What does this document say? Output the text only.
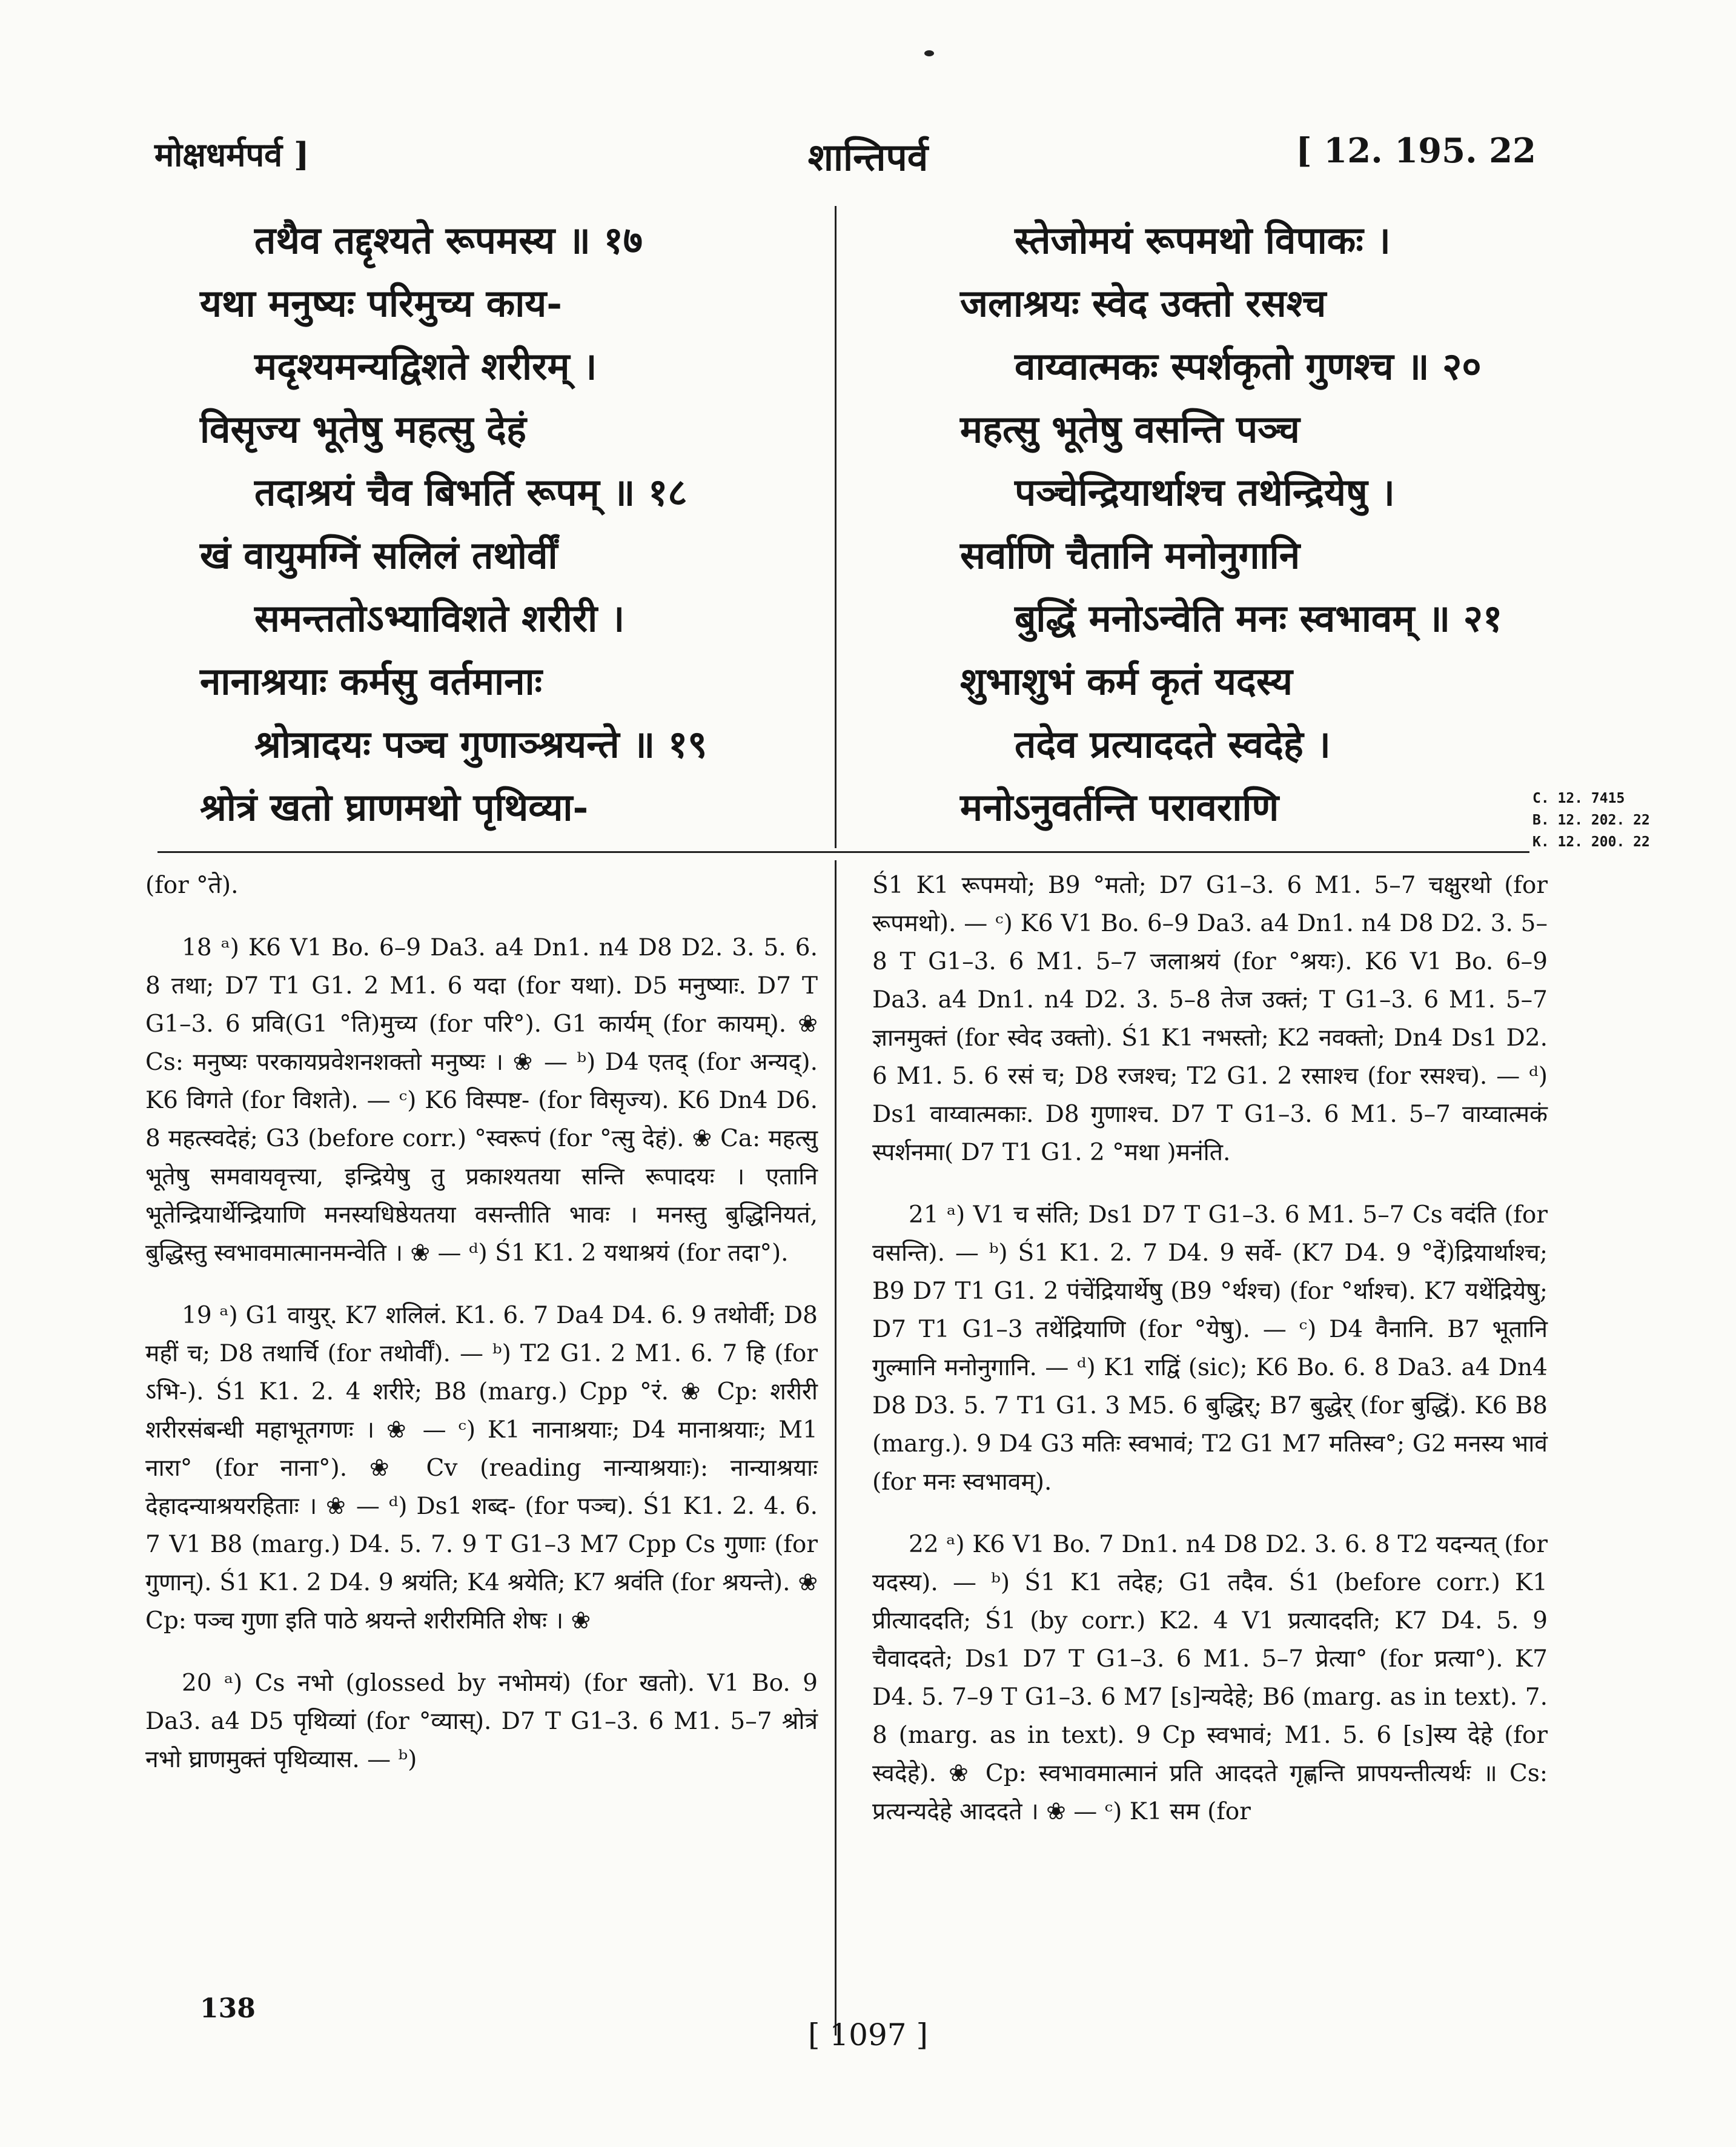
मोक्षधर्मपर्व ]	शान्तिपर्व	[ 12. 195. 22
तथैव तद्दृश्यते रूपमस्य ॥ १७
यथा मनुष्यः परिमुच्य काय-
मदृश्यमन्यद्विशते शरीरम् ।
विसृज्य भूतेषु महत्सु देहं
तदाश्रयं चैव बिभर्ति रूपम् ॥ १८
खं वायुमग्निं सलिलं तथोर्वीं
समन्ततोऽभ्याविशते शरीरी ।
नानाश्रयाः कर्मसु वर्तमानाः
श्रोत्रादयः पञ्च गुणाञ्श्रयन्ते ॥ १९
श्रोत्रं खतो घ्राणमथो पृथिव्या-
स्तेजोमयं रूपमथो विपाकः ।
जलाश्रयः स्वेद उक्तो रसश्च
वाय्वात्मकः स्पर्शकृतो गुणश्च ॥ २०
महत्सु भूतेषु वसन्ति पञ्च
पञ्चेन्द्रियार्थाश्च तथेन्द्रियेषु ।
सर्वाणि चैतानि मनोनुगानि
बुद्धिं मनोऽन्वेति मनः स्वभावम् ॥ २१
शुभाशुभं कर्म कृतं यदस्य
तदेव प्रत्याददते स्वदेहे ।
मनोऽनुवर्तन्ति परावराणि	C. 12. 7415
B. 12. 202. 22
K. 12. 200. 22

(for °ते).

18 ᵃ) K6 V1 Bo. 6–9 Da3. a4 Dn1. n4 D8 D2. 3. 5. 6. 8 तथा; D7 T1 G1. 2 M1. 6 यदा (for यथा). D5 मनुष्याः. D7 T G1–3. 6 प्रवि(G1 °ति)मुच्य (for परि°). G1 कार्यम् (for कायम्). ❀ Cs: मनुष्यः परकायप्रवेशनशक्तो मनुष्यः । ❀ — ᵇ) D4 एतद् (for अन्यद्). K6 विगते (for विशते). — ᶜ) K6 विस्पष्ट- (for विसृज्य). K6 Dn4 D6. 8 महत्स्वदेहं; G3 (before corr.) °स्वरूपं (for °त्सु देहं). ❀ Ca: महत्सु भूतेषु समवायवृत्त्या, इन्द्रियेषु तु प्रकाश्यतया सन्ति रूपादयः । एतानि भूतेन्द्रियार्थेन्द्रियाणि मनस्यधिष्ठेयतया वसन्तीति भावः । मनस्तु बुद्धिनियतं, बुद्धिस्तु स्वभावमात्मानमन्वेति । ❀ — ᵈ) Ś1 K1. 2 यथाश्रयं (for तदा°).

19 ᵃ) G1 वायुर्. K7 शलिलं. K1. 6. 7 Da4 D4. 6. 9 तथोर्वी; D8 महीं च; D8 तथार्चि (for तथोर्वीं). — ᵇ) T2 G1. 2 M1. 6. 7 हि (for ऽभि-). Ś1 K1. 2. 4 शरीरे; B8 (marg.) Cpp °रं. ❀ Cp: शरीरी शरीरसंबन्धी महाभूतगणः । ❀ — ᶜ) K1 नानाश्रयाः; D4 मानाश्रयाः; M1 नारा° (for नाना°). ❀ Cv (reading नान्याश्रयाः): नान्याश्रयाः देहादन्याश्रयरहिताः । ❀ — ᵈ) Ds1 शब्द- (for पञ्च). Ś1 K1. 2. 4. 6. 7 V1 B8 (marg.) D4. 5. 7. 9 T G1–3 M7 Cpp Cs गुणाः (for गुणान्). Ś1 K1. 2 D4. 9 श्रयंति; K4 श्रयेति; K7 श्रवंति (for श्रयन्ते). ❀ Cp: पञ्च गुणा इति पाठे श्रयन्ते शरीरमिति शेषः । ❀

20 ᵃ) Cs नभो (glossed by नभोमयं) (for खतो). V1 Bo. 9 Da3. a4 D5 पृथिव्यां (for °व्यास्). D7 T G1–3. 6 M1. 5–7 श्रोत्रं नभो घ्राणमुक्तं पृथिव्यास. — ᵇ)

Ś1 K1 रूपमयो; B9 °मतो; D7 G1–3. 6 M1. 5–7 चक्षुरथो (for रूपमथो). — ᶜ) K6 V1 Bo. 6–9 Da3. a4 Dn1. n4 D8 D2. 3. 5–8 T G1–3. 6 M1. 5–7 जलाश्रयं (for °श्रयः). K6 V1 Bo. 6–9 Da3. a4 Dn1. n4 D2. 3. 5–8 तेज उक्तं; T G1–3. 6 M1. 5–7 ज्ञानमुक्तं (for स्वेद उक्तो). Ś1 K1 नभस्तो; K2 नवक्तो; Dn4 Ds1 D2. 6 M1. 5. 6 रसं च; D8 रजश्च; T2 G1. 2 रसाश्च (for रसश्च). — ᵈ) Ds1 वाय्वात्मकाः. D8 गुणाश्च. D7 T G1–3. 6 M1. 5–7 वाय्वात्मकं स्पर्शनमा( D7 T1 G1. 2 °मथा )मनंति.

21 ᵃ) V1 च संति; Ds1 D7 T G1–3. 6 M1. 5–7 Cs वदंति (for वसन्ति). — ᵇ) Ś1 K1. 2. 7 D4. 9 सर्वे- (K7 D4. 9 °दें)द्रियार्थाश्च; B9 D7 T1 G1. 2 पंचेंद्रियार्थेषु (B9 °र्थश्च) (for °र्थाश्च). K7 यथेंद्रियेषु; D7 T1 G1–3 तथेंद्रियाणि (for °येषु). — ᶜ) D4 वैनानि. B7 भूतानि गुल्मानि मनोनुगानि. — ᵈ) K1 राद्विं (sic); K6 Bo. 6. 8 Da3. a4 Dn4 D8 D3. 5. 7 T1 G1. 3 M5. 6 बुद्धिर्; B7 बुद्धेर् (for बुद्धिं). K6 B8 (marg.). 9 D4 G3 मतिः स्वभावं; T2 G1 M7 मतिस्व°; G2 मनस्य भावं (for मनः स्वभावम्).

22 ᵃ) K6 V1 Bo. 7 Dn1. n4 D8 D2. 3. 6. 8 T2 यदन्यत् (for यदस्य). — ᵇ) Ś1 K1 तदेह; G1 तदैव. Ś1 (before corr.) K1 प्रीत्याददति; Ś1 (by corr.) K2. 4 V1 प्रत्याददति; K7 D4. 5. 9 चैवाददते; Ds1 D7 T G1–3. 6 M1. 5–7 प्रेत्या° (for प्रत्या°). K7 D4. 5. 7–9 T G1–3. 6 M7 [s]न्यदेहे; B6 (marg. as in text). 7. 8 (marg. as in text). 9 Cp स्वभावं; M1. 5. 6 [s]स्य देहे (for स्वदेहे). ❀ Cp: स्वभावमात्मानं प्रति आददते गृह्णन्ति प्रापयन्तीत्यर्थः ॥ Cs: प्रत्यन्यदेहे आददते । ❀ — ᶜ) K1 सम (for

138
[ 1097 ]
